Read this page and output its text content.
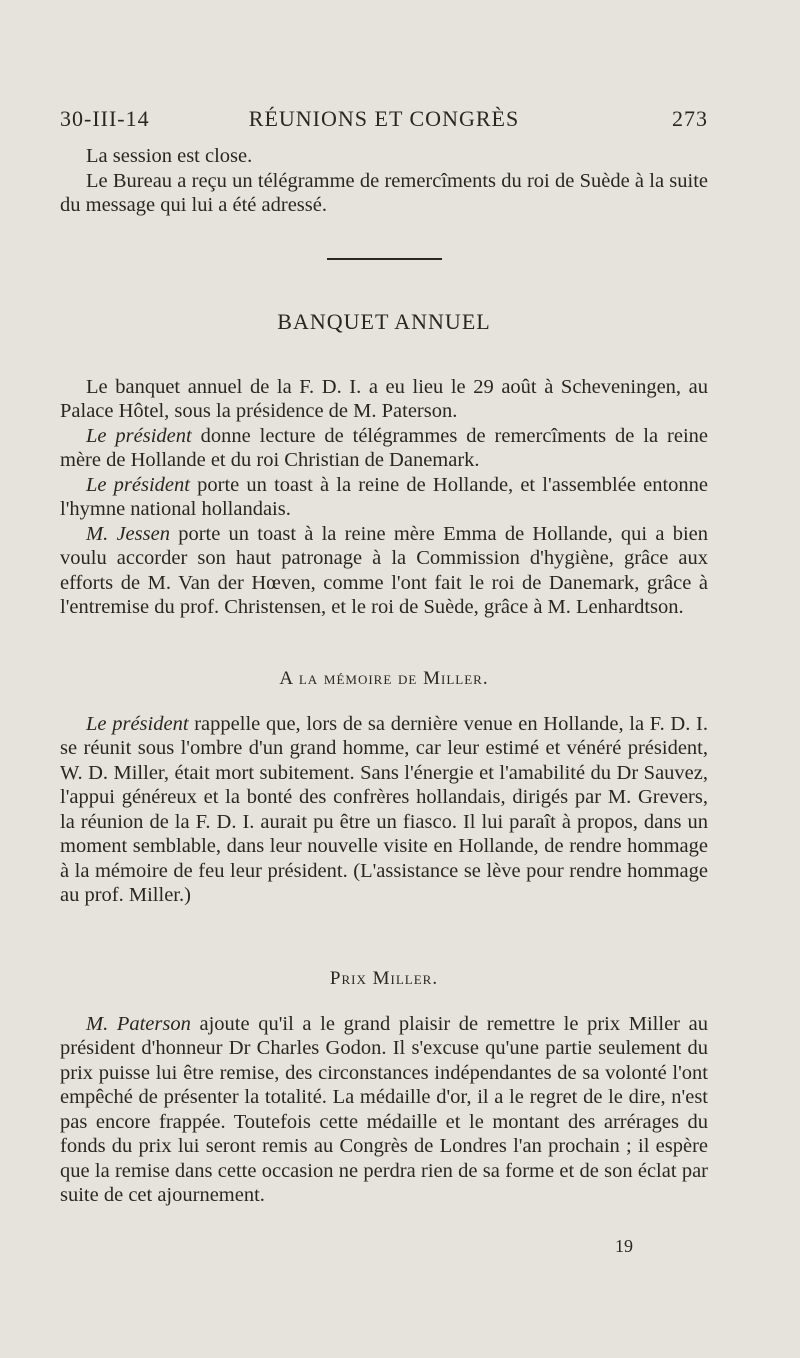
30-III-14	RÉUNIONS ET CONGRÈS	273

La session est close.

Le Bureau a reçu un télégramme de remercîments du roi de Suède à la suite du message qui lui a été adressé.

BANQUET ANNUEL

Le banquet annuel de la F. D. I. a eu lieu le 29 août à Scheveningen, au Palace Hôtel, sous la présidence de M. Paterson.

Le président donne lecture de télégrammes de remercîments de la reine mère de Hollande et du roi Christian de Danemark.

Le président porte un toast à la reine de Hollande, et l'assemblée entonne l'hymne national hollandais.

M. Jessen porte un toast à la reine mère Emma de Hollande, qui a bien voulu accorder son haut patronage à la Commission d'hygiène, grâce aux efforts de M. Van der Hœven, comme l'ont fait le roi de Danemark, grâce à l'entremise du prof. Christensen, et le roi de Suède, grâce à M. Lenhardtson.

A la mémoire de Miller.

Le président rappelle que, lors de sa dernière venue en Hollande, la F. D. I. se réunit sous l'ombre d'un grand homme, car leur estimé et vénéré président, W. D. Miller, était mort subitement. Sans l'énergie et l'amabilité du Dr Sauvez, l'appui généreux et la bonté des confrères hollandais, dirigés par M. Grevers, la réunion de la F. D. I. aurait pu être un fiasco. Il lui paraît à propos, dans un moment semblable, dans leur nouvelle visite en Hollande, de rendre hommage à la mémoire de feu leur président. (L'assistance se lève pour rendre hommage au prof. Miller.)

Prix Miller.

M. Paterson ajoute qu'il a le grand plaisir de remettre le prix Miller au président d'honneur Dr Charles Godon. Il s'excuse qu'une partie seulement du prix puisse lui être remise, des circonstances indépendantes de sa volonté l'ont empêché de présenter la totalité. La médaille d'or, il a le regret de le dire, n'est pas encore frappée. Toutefois cette médaille et le montant des arrérages du fonds du prix lui seront remis au Congrès de Londres l'an prochain ; il espère que la remise dans cette occasion ne perdra rien de sa forme et de son éclat par suite de cet ajournement.

19
